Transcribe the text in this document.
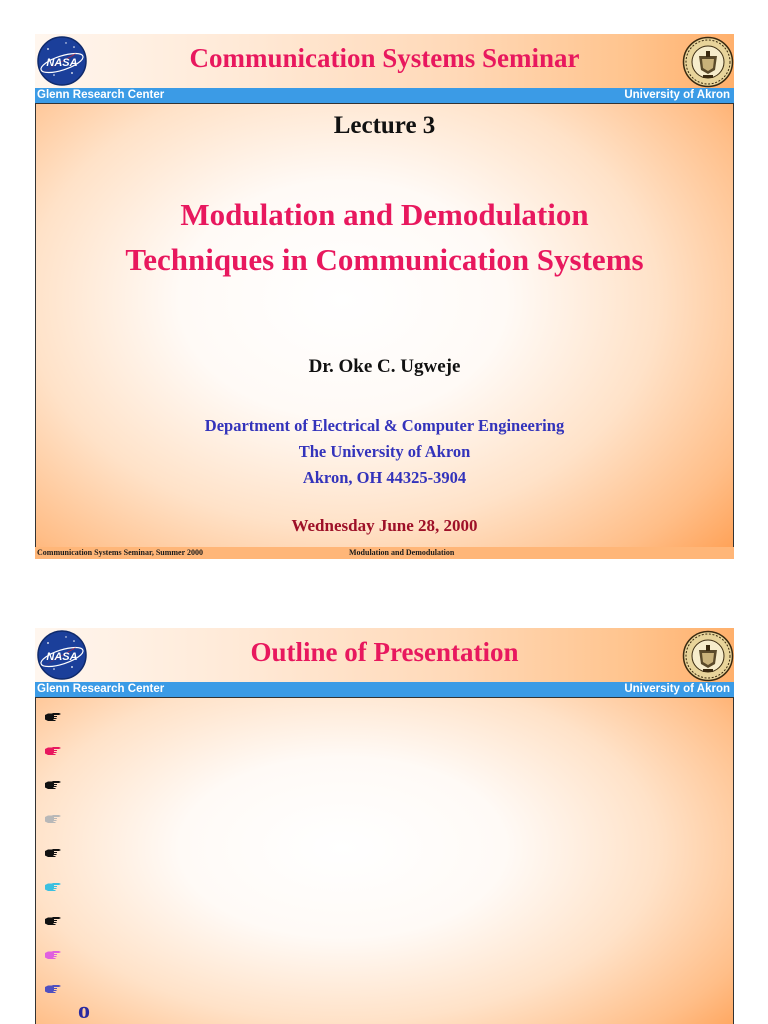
NASA	Communication Systems Seminar
Glenn Research Center	University of Akron
Lecture 3
Modulation and Demodulation
Techniques in Communication Systems
Dr. Oke C. Ugweje
Department of Electrical & Computer Engineering
The University of Akron
Akron, OH 44325-3904
Wednesday June 28, 2000
Communication Systems Seminar, Summer 2000	Modulation and Demodulation
NASA	Outline of Presentation
Glenn Research Center	University of Akron
o
